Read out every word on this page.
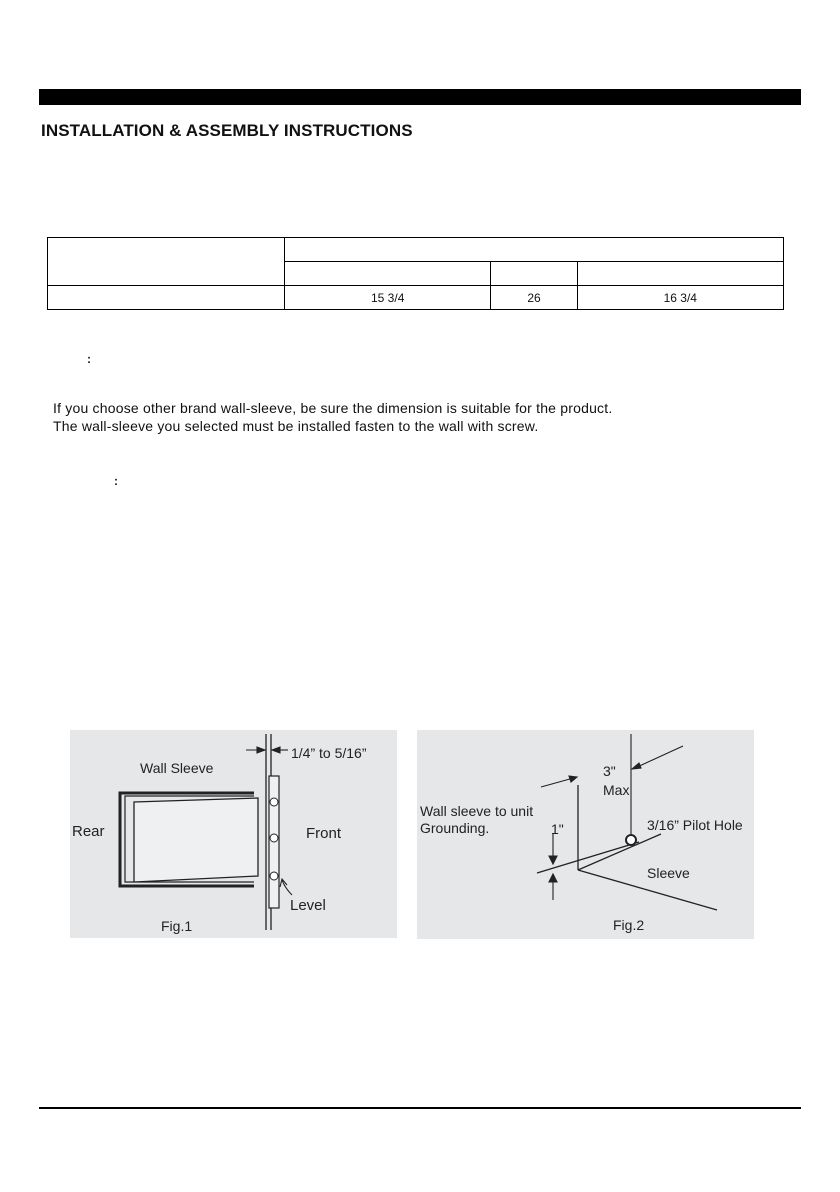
INSTALLATION & ASSEMBLY INSTRUCTIONS

	15 3/4	26	16 3/4
:
If you choose other brand wall-sleeve, be sure the dimension is suitable for the product.
The wall-sleeve you selected must be installed fasten to the wall with screw.
:
Wall Sleeve
1/4” to 5/16”
Rear	Front
Level
Fig.1
3"
Max
Wall sleeve to unit
Grounding.	1"	3/16” Pilot Hole
Sleeve
Fig.2
